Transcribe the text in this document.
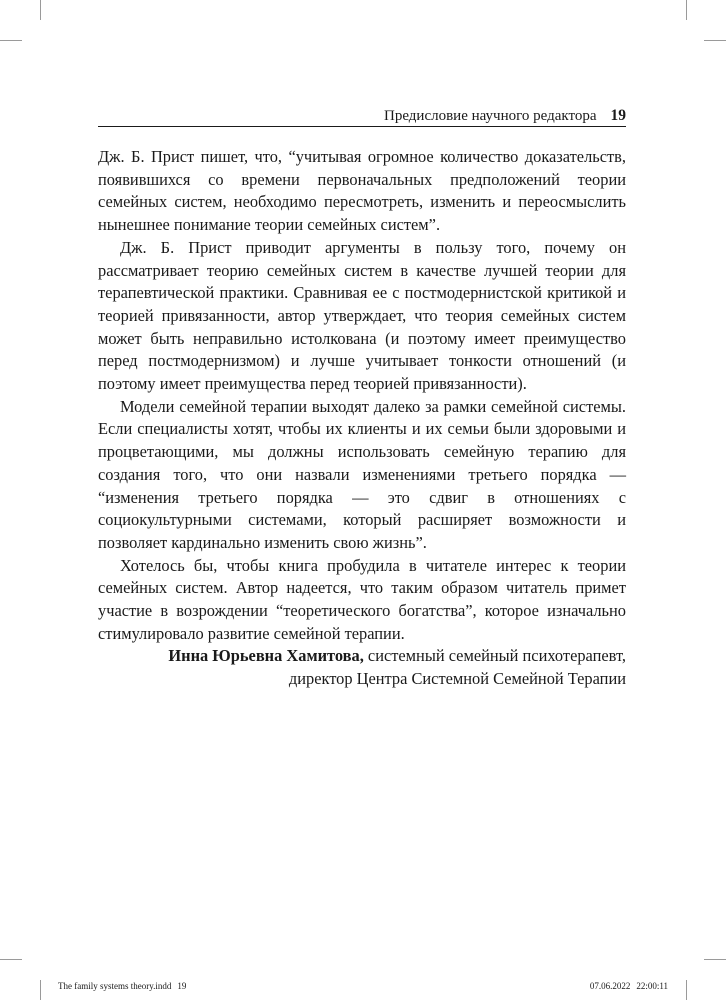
Предисловие научного редактора 19

Дж. Б. Прист пишет, что, “учитывая огромное количество доказательств, появившихся со времени первоначальных предположений теории семейных систем, необходимо пересмотреть, изменить и переосмыслить нынешнее понимание теории семейных систем”.

Дж. Б. Прист приводит аргументы в пользу того, почему он рассматривает теорию семейных систем в качестве лучшей теории для терапевтической практики. Сравнивая ее с постмодернистской критикой и теорией привязанности, автор утверждает, что теория семейных систем может быть неправильно истолкована (и поэтому имеет преимущество перед постмодернизмом) и лучше учитывает тонкости отношений (и поэтому имеет преимущества перед теорией привязанности).

Модели семейной терапии выходят далеко за рамки семейной системы. Если специалисты хотят, чтобы их клиенты и их семьи были здоровыми и процветающими, мы должны использовать семейную терапию для создания того, что они назвали изменениями третьего порядка — “изменения третьего порядка — это сдвиг в отношениях с социокультурными системами, который расширяет возможности и позволяет кардинально изменить свою жизнь”.

Хотелось бы, чтобы книга пробудила в читателе интерес к теории семейных систем. Автор надеется, что таким образом читатель примет участие в возрождении “теоретического богатства”, которое изначально стимулировало развитие семейной терапии.

Инна Юрьевна Хамитова, системный семейный психотерапевт,
директор Центра Системной Семейной Терапии
The family systems theory.indd 19	07.06.2022 22:00:11
